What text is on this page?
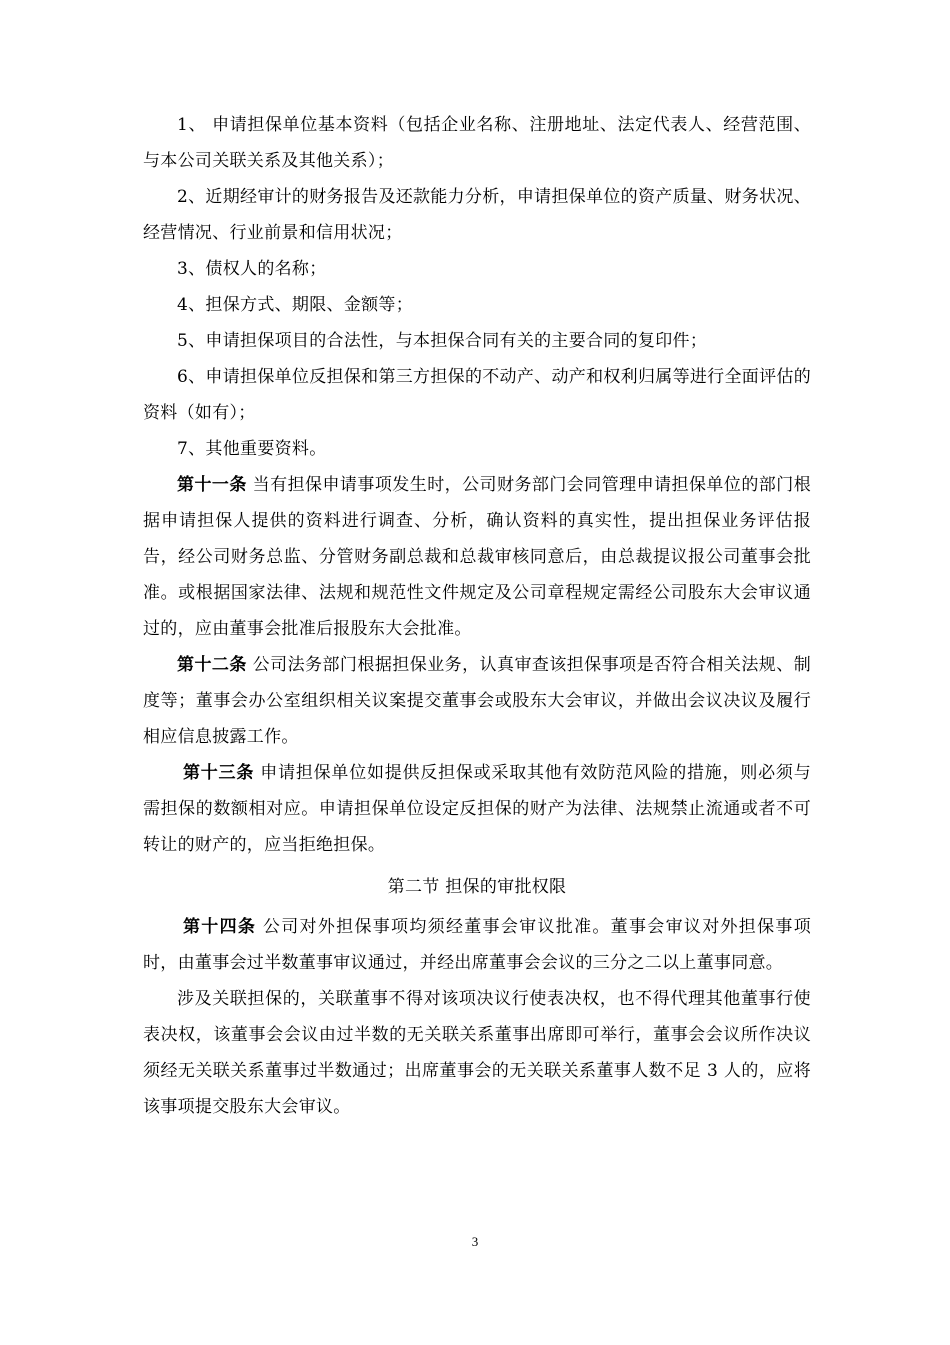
1、 申请担保单位基本资料（包括企业名称、注册地址、法定代表人、经营范围、与本公司关联关系及其他关系）；

2、近期经审计的财务报告及还款能力分析，申请担保单位的资产质量、财务状况、经营情况、行业前景和信用状况；

3、债权人的名称；

4、担保方式、期限、金额等；

5、申请担保项目的合法性，与本担保合同有关的主要合同的复印件；

6、申请担保单位反担保和第三方担保的不动产、动产和权利归属等进行全面评估的资料（如有）；

7、其他重要资料。

第十一条 当有担保申请事项发生时，公司财务部门会同管理申请担保单位的部门根据申请担保人提供的资料进行调查、分析，确认资料的真实性，提出担保业务评估报告，经公司财务总监、分管财务副总裁和总裁审核同意后，由总裁提议报公司董事会批准。或根据国家法律、法规和规范性文件规定及公司章程规定需经公司股东大会审议通过的，应由董事会批准后报股东大会批准。

第十二条 公司法务部门根据担保业务，认真审查该担保事项是否符合相关法规、制度等；董事会办公室组织相关议案提交董事会或股东大会审议，并做出会议决议及履行相应信息披露工作。

第十三条 申请担保单位如提供反担保或采取其他有效防范风险的措施，则必须与需担保的数额相对应。申请担保单位设定反担保的财产为法律、法规禁止流通或者不可转让的财产的，应当拒绝担保。

第二节 担保的审批权限

第十四条 公司对外担保事项均须经董事会审议批准。董事会审议对外担保事项时，由董事会过半数董事审议通过，并经出席董事会会议的三分之二以上董事同意。

涉及关联担保的，关联董事不得对该项决议行使表决权，也不得代理其他董事行使表决权，该董事会会议由过半数的无关联关系董事出席即可举行，董事会会议所作决议须经无关联关系董事过半数通过；出席董事会的无关联关系董事人数不足 3 人的，应将该事项提交股东大会审议。

3
